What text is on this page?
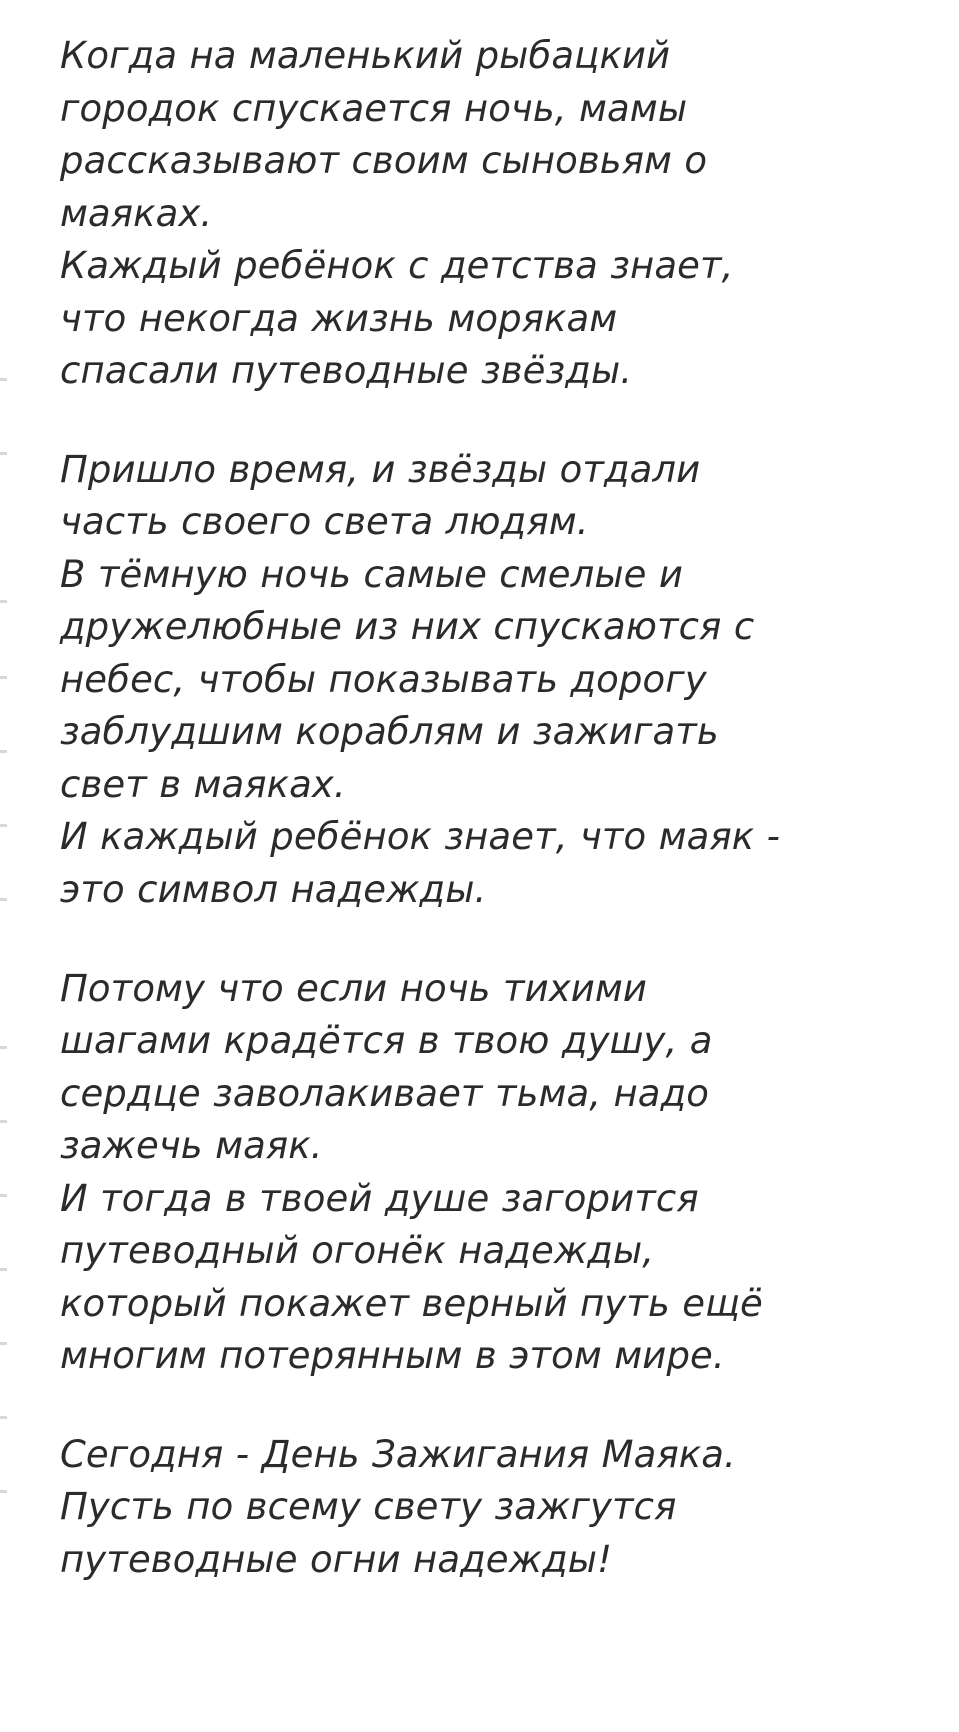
Когда на маленький рыбацкий
городок спускается ночь, мамы
рассказывают своим сыновьям о
маяках.
Каждый ребёнок с детства знает,
что некогда жизнь морякам
спасали путеводные звёзды.

Пришло время, и звёзды отдали
часть своего света людям.
В тёмную ночь самые смелые и
дружелюбные из них спускаются с
небес, чтобы показывать дорогу
заблудшим кораблям и зажигать
свет в маяках.
И каждый ребёнок знает, что маяк -
это символ надежды.

Потому что если ночь тихими
шагами крадётся в твою душу, а
сердце заволакивает тьма, надо
зажечь маяк.
И тогда в твоей душе загорится
путеводный огонёк надежды,
который покажет верный путь ещё
многим потерянным в этом мире.

Сегодня - День Зажигания Маяка.
Пусть по всему свету зажгутся
путеводные огни надежды!
